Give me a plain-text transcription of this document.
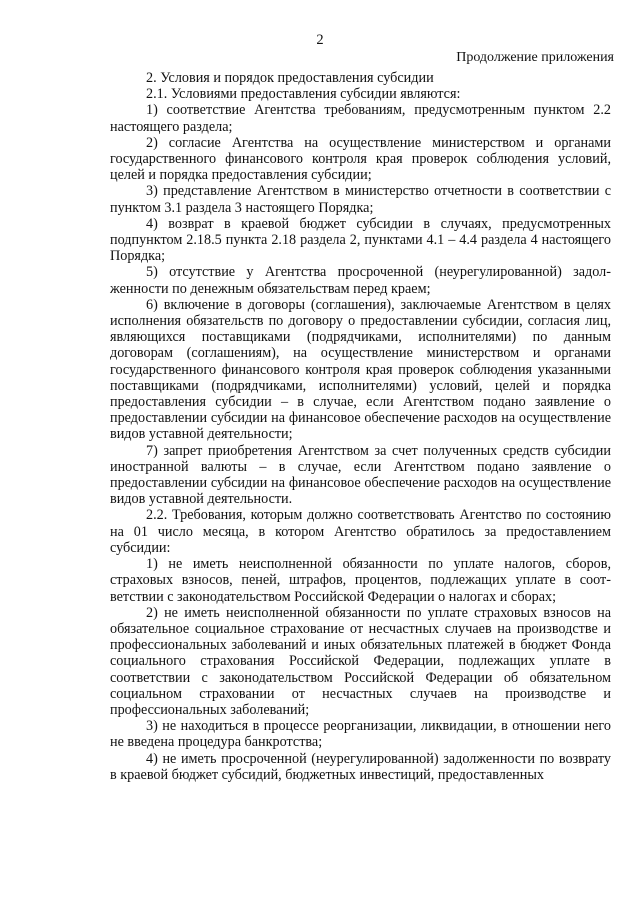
2
Продолжение приложения

2. Условия и порядок предоставления субсидии

2.1. Условиями предоставления субсидии являются:

1) соответствие Агентства требованиям, предусмотренным пунктом 2.2 настоящего раздела;

2) согласие Агентства на осуществление министерством и органами государственного финансового контроля края проверок соблюдения условий, целей и порядка предоставления субсидии;

3) представление Агентством в министерство отчетности в соответствии с пунктом 3.1 раздела 3 настоящего Порядка;

4) возврат в краевой бюджет субсидии в случаях, предусмотренных подпунктом 2.18.5 пункта 2.18 раздела 2, пунктами 4.1 – 4.4 раздела 4 настоящего Порядка;

5) отсутствие у Агентства просроченной (неурегулированной) задолженности по денежным обязательствам перед краем;

6) включение в договоры (соглашения), заключаемые Агентством в целях исполнения обязательств по договору о предоставлении субсидии, согласия лиц, являющихся поставщиками (подрядчиками, исполнителями) по данным договорам (соглашениям), на осуществление министерством и органами государственного финансового контроля края проверок соблюдения указанными поставщиками (подрядчиками, исполнителями) условий, целей и порядка предоставления субсидии – в случае, если Агентством подано заявление о предоставлении субсидии на финансовое обеспечение расходов на осуществление видов уставной деятельности;

7) запрет приобретения Агентством за счет полученных средств субсидии иностранной валюты – в случае, если Агентством подано заявление о предоставлении субсидии на финансовое обеспечение расходов на осуществление видов уставной деятельности.

2.2. Требования, которым должно соответствовать Агентство по состоянию на 01 число месяца, в котором Агентство обратилось за предоставлением субсидии:

1) не иметь неисполненной обязанности по уплате налогов, сборов, страховых взносов, пеней, штрафов, процентов, подлежащих уплате в соответствии с законодательством Российской Федерации о налогах и сборах;

2) не иметь неисполненной обязанности по уплате страховых взносов на обязательное социальное страхование от несчастных случаев на производстве и профессиональных заболеваний и иных обязательных платежей в бюджет Фонда социального страхования Российской Федерации, подлежащих уплате в соответствии с законодательством Российской Федерации об обязательном социальном страховании от несчастных случаев на производстве и профессиональных заболеваний;

3) не находиться в процессе реорганизации, ликвидации, в отношении него не введена процедура банкротства;

4) не иметь просроченной (неурегулированной) задолженности по возврату в краевой бюджет субсидий, бюджетных инвестиций, предоставленных
